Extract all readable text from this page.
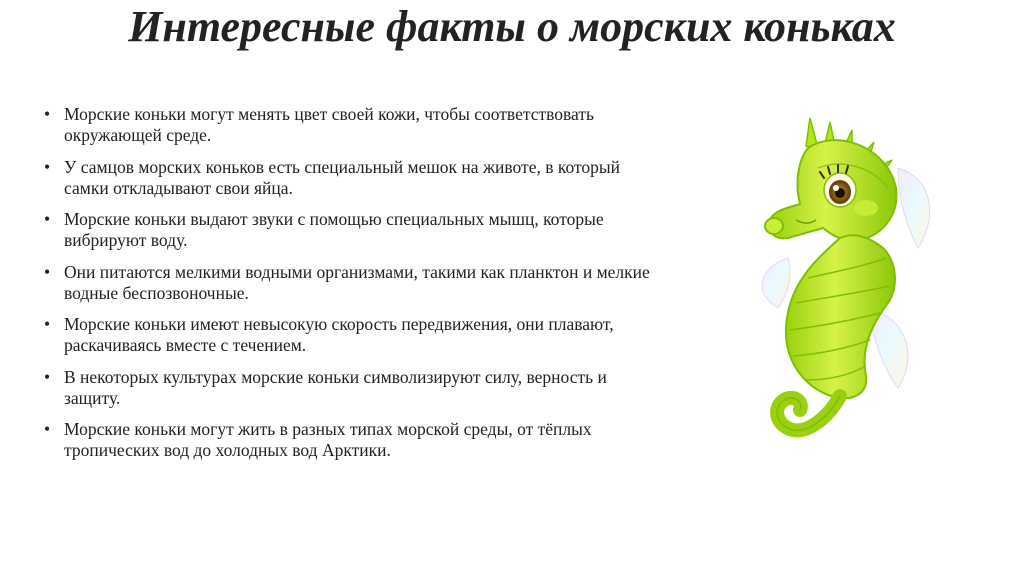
Интересные факты о морских коньках
• Морские коньки могут менять цвет своей кожи, чтобы соответствовать окружающей среде.
• У самцов морских коньков есть специальный мешок на животе, в который самки откладывают свои яйца.
• Морские коньки выдают звуки с помощью специальных мышц, которые вибрируют воду.
• Они питаются мелкими водными организмами, такими как планктон и мелкие водные беспозвоночные.
• Морские коньки имеют невысокую скорость передвижения, они плавают, раскачиваясь вместе с течением.
• В некоторых культурах морские коньки символизируют силу, верность и защиту.
• Морские коньки могут жить в разных типах морской среды, от тёплых тропических вод до холодных вод Арктики.
